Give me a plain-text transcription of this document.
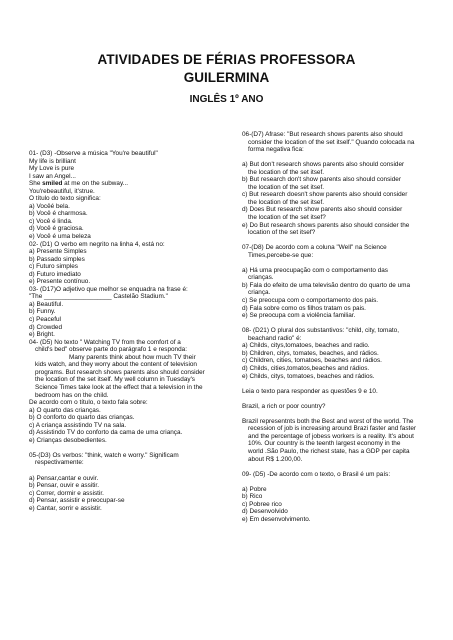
ATIVIDADES DE FÉRIAS PROFESSORA
GUILERMINA
INGLÊS 1º ANO

01- (D3) -Observe a música "You're beautiful"

My life is brilliant

My Love is pure

I saw an Angel...

She smiled at me on the subway...

You'rebeautiful, it'strue.

O título do texto significa:

a) Vocêé bela.

b) Você é charmosa.

c) Você é linda.

d) Você é graciosa.

e) Você é uma beleza

02- (D1) O verbo em negrito na linha 4, está no:

a) Presente Simples

b) Passado simples

c) Futuro simples

d) Futuro imediato

e) Presente contínuo.

03- (D17)O adjetivo que melhor se enquadra na frase é:

"The ___________________ Castelão Stadium."

a) Beautiful.

b) Funny.

c) Peaceful

d) Crowded

e) Bright.

04- (D5) No texto " Watching TV from the comfort of a

child's bed" observe parte do parágrafo 1 e responda:

Many parents think about how much TV their

kids watch, and they worry about the content of television

programs. But research shows parents also should consider

the location of the set itself. My well column in Tuesday's

Science Times take look at the effect that a television in the

bedroom has on the child.

De acordo com o título, o texto fala sobre:

a) O quarto das crianças.

b) O conforto do quarto das crianças.

c) A criança assistindo TV na sala.

d) Assistindo TV do conforto da cama de uma criança.

e) Crianças desobedientes.

05-(D3) Os verbos: "think, watch e worry." Significam

respectivamente:

a) Pensar,cantar e ouvir.

b) Pensar, ouvir e assitir.

c) Correr, dormir e assistir.

d) Pensar, assistir e preocupar-se

e) Cantar, sorrir e assistir.

06-(D7) Afrase: "But research shows parents also should

consider the location of the set itself." Quando colocada na

forma negativa fica:

a) But don't research shows parents also should consider

the location of the set itsef.

b) But research don't show parents also should consider

the location of the set itsef.

c) But research doesn't show parents also should consider

the location of the set itsef.

d) Does But research show parents also should consider

the location of the set itsef?

e) Do But research shows parents also should consider the

location of the set itsef?

07-(D8) De acordo com a coluna "Well" na Science

Times,percebe-se que:

a) Há uma preocupação com o comportamento das

crianças.

b) Fala do efeito de uma televisão dentro do quarto de uma

criança.

c) Se preocupa com o comportamento dos pais.

d) Fala sobre como os filhos tratam os pais.

e) Se preocupa com a violência familiar.

08- (D21) O plural dos substantivos: "child, city, tomato,

beachand radio" é:

a) Childs, citys,tomatoes, beaches and radio.

b) Children, citys, tomates, beaches, and rádios.

c) Children, cities, tomatoes, beaches and rádios.

d) Childs, cities,tomatos,beaches and rádios.

e) Childs, citys, tomatoes, beaches and rádios.

Leia o texto para responder as questões 9 e 10.

Brazil, a rich or poor country?

Brazil representnts both the Best and worst of the world. The

recession of job is increasing around Brazi faster and faster

and the percentage of jobess workers is a reality. It's about

10%. Our country is the teenth largest economy in the

world .São Paulo, the richest state, has a GDP per capita

about R$ 1.200,00.

09- (D5) -De acordo com o texto, o Brasil é um país:

a) Pobre

b) Rico

c) Pobree rico

d) Desenvolvido

e) Em desenvolvimento.
